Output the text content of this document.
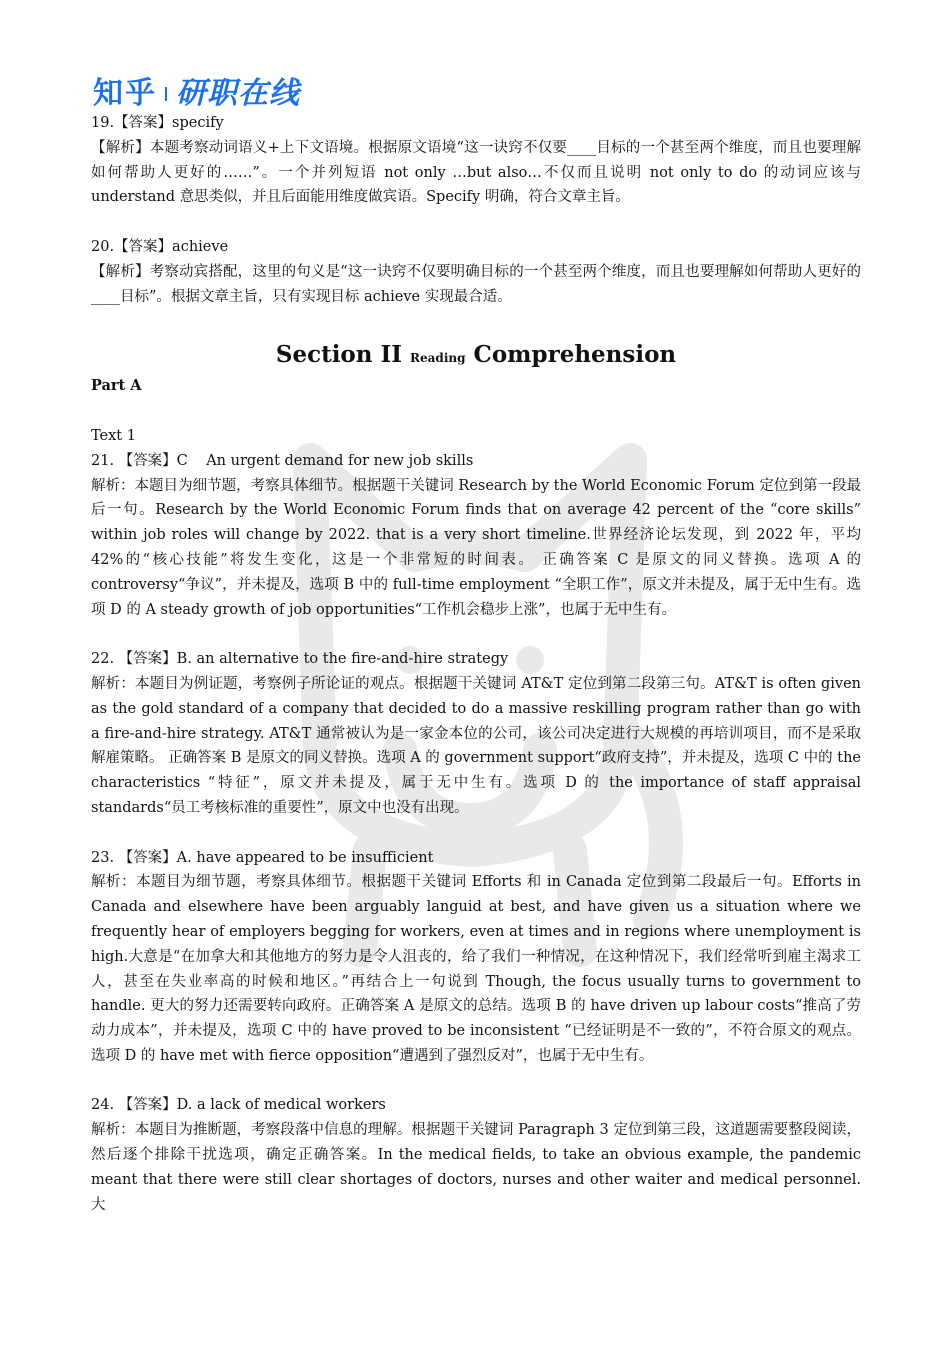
知乎 研职在线

19.【答案】specify

【解析】本题考察动词语义+上下文语境。根据原文语境“这一诀窍不仅要____目标的一个甚至两个维度，而且也要理解如何帮助人更好的……”。一个并列短语 not only …but also…不仅而且说明 not only to do 的动词应该与 understand 意思类似，并且后面能用维度做宾语。Specify 明确，符合文章主旨。

20.【答案】achieve

【解析】考察动宾搭配，这里的句义是“这一诀窍不仅要明确目标的一个甚至两个维度，而且也要理解如何帮助人更好的____目标”。根据文章主旨，只有实现目标 achieve 实现最合适。

Section II Reading Comprehension

Part A

Text 1

21. 【答案】C    An urgent demand for new job skills

解析：本题目为细节题，考察具体细节。根据题干关键词 Research by the World Economic Forum 定位到第一段最后一句。Research by the World Economic Forum finds that on average 42 percent of the “core skills” within job roles will change by 2022. that is a very short timeline.世界经济论坛发现，到 2022 年，平均 42%的“核心技能”将发生变化，这是一个非常短的时间表。 正确答案 C 是原文的同义替换。选项 A 的 controversy“争议”，并未提及，选项 B 中的 full-time employment “全职工作”，原文并未提及，属于无中生有。选项 D 的 A steady growth of job opportunities“工作机会稳步上涨”，也属于无中生有。

22. 【答案】B. an alternative to the fire-and-hire strategy

解析：本题目为例证题，考察例子所论证的观点。根据题干关键词 AT&T 定位到第二段第三句。AT&T is often given as the gold standard of a company that decided to do a massive reskilling program rather than go with a fire-and-hire strategy. AT&T 通常被认为是一家金本位的公司，该公司决定进行大规模的再培训项目，而不是采取解雇策略。 正确答案 B 是原文的同义替换。选项 A 的 government support“政府支持”，并未提及，选项 C 中的 the characteristics “特征”，原文并未提及，属于无中生有。选项 D 的 the importance of staff appraisal standards“员工考核标准的重要性”，原文中也没有出现。

23. 【答案】A. have appeared to be insufficient

解析：本题目为细节题，考察具体细节。根据题干关键词 Efforts 和 in Canada 定位到第二段最后一句。Efforts in Canada and elsewhere have been arguably languid at best, and have given us a situation where we frequently hear of employers begging for workers, even at times and in regions where unemployment is high.大意是“在加拿大和其他地方的努力是令人沮丧的，给了我们一种情况，在这种情况下，我们经常听到雇主渴求工人，甚至在失业率高的时候和地区。”再结合上一句说到 Though, the focus usually turns to government to handle. 更大的努力还需要转向政府。正确答案 A 是原文的总结。选项 B 的 have driven up labour costs“推高了劳动力成本”，并未提及，选项 C 中的 have proved to be inconsistent “已经证明是不一致的”，不符合原文的观点。选项 D 的 have met with fierce opposition“遭遇到了强烈反对”，也属于无中生有。

24. 【答案】D. a lack of medical workers

解析：本题目为推断题，考察段落中信息的理解。根据题干关键词 Paragraph 3 定位到第三段，这道题需要整段阅读，然后逐个排除干扰选项，确定正确答案。In the medical fields, to take an obvious example, the pandemic meant that there were still clear shortages of doctors, nurses and other waiter and medical personnel. 大
